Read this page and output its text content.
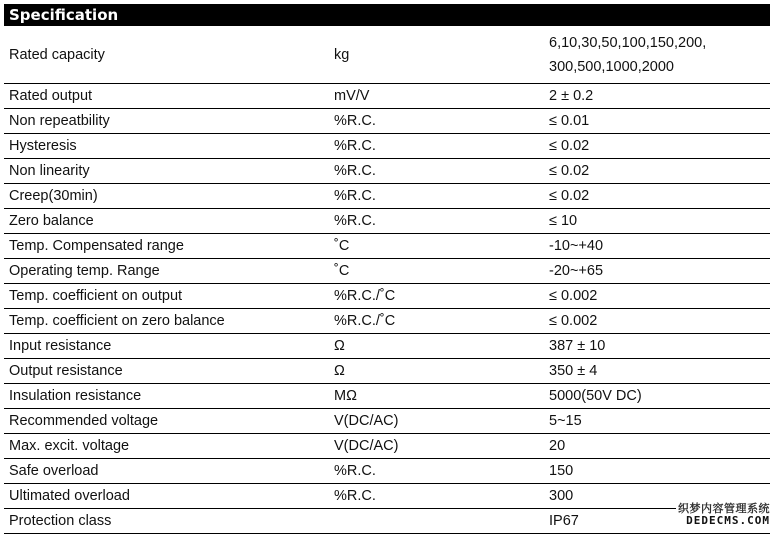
Specification
Rated capacity	kg	6,10,30,50,100,150,200,
300,500,1000,2000

Rated output	mV/V	2 ± 0.2
Non repeatbility	%R.C.	≤ 0.01
Hysteresis	%R.C.	≤ 0.02
Non linearity	%R.C.	≤ 0.02
Creep(30min)	%R.C.	≤ 0.02
Zero balance	%R.C.	≤ 10
Temp. Compensated range	˚C	-10~+40
Operating temp. Range	˚C	-20~+65
Temp. coefficient on output	%R.C./˚C	≤ 0.002
Temp. coefficient on zero balance	%R.C./˚C	≤ 0.002
Input resistance	Ω	387 ± 10
Output resistance	Ω	350 ± 4
Insulation resistance	MΩ	5000(50V DC)
Recommended voltage	V(DC/AC)	5~15
Max. excit. voltage	V(DC/AC)	20
Safe overload	%R.C.	150
Ultimated overload	%R.C.	300
Protection class		IP67
织梦内容管理系统
DEDECMS.COM
